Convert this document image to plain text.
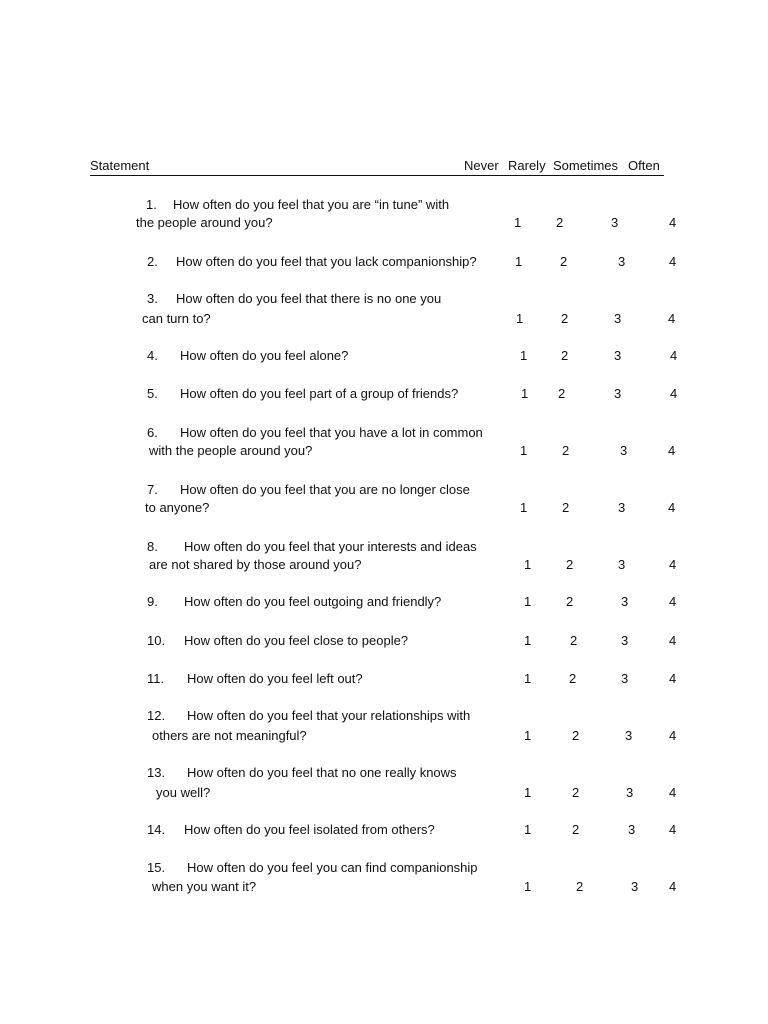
Statement	Never Rarely Sometimes Often
1. How often do you feel that you are “in tune” with
the people around you?	1	2	3	4
2. How often do you feel that you lack companionship?	1	2	3	4
3. How often do you feel that there is no one you
can turn to?	1	2	3	4
4. How often do you feel alone?	1	2	3	4
5. How often do you feel part of a group of friends?	1 2	3	4
6. How often do you feel that you have a lot in common
with the people around you?	1	2	3	4
7. How often do you feel that you are no longer close
to anyone?	1	2	3	4
8. How often do you feel that your interests and ideas
are not shared by those around you?	1	2	3	4
9. How often do you feel outgoing and friendly?	1	2	3	4
10. How often do you feel close to people?	1	2	3	4
11. How often do you feel left out?	1	2	3	4
12. How often do you feel that your relationships with
others are not meaningful?	1	2	3	4
13. How often do you feel that no one really knows
you well?	1	2	3	4
14. How often do you feel isolated from others?	1	2	3	4
15. How often do you feel you can find companionship
when you want it?	1	2	3 4
